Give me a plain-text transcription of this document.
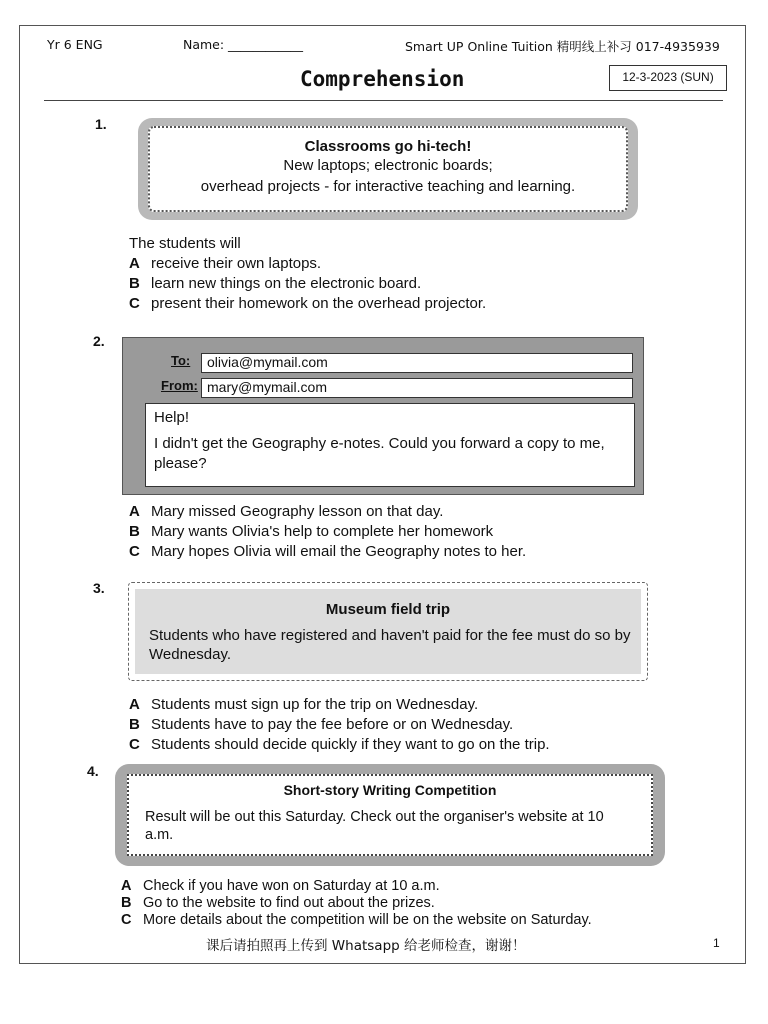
Yr 6 ENG	Name: ____________	Smart UP Online Tuition 精明线上补习 017-4935939
Comprehension	12-3-2023 (SUN)
1.
Classrooms go hi-tech!
New laptops; electronic boards;
overhead projects - for interactive teaching and learning.
The students will
A receive their own laptops.
B learn new things on the electronic board.
C present their homework on the overhead projector.
2.
To:	olivia@mymail.com
From: mary@mymail.com
Help!
I didn't get the Geography e-notes. Could you forward a copy to me, please?
A Mary missed Geography lesson on that day.
B Mary wants Olivia's help to complete her homework
C Mary hopes Olivia will email the Geography notes to her.
3.
Museum field trip
Students who have registered and haven't paid for the fee must do so by Wednesday.
A Students must sign up for the trip on Wednesday.
B Students have to pay the fee before or on Wednesday.
C Students should decide quickly if they want to go on the trip.
4.
Short-story Writing Competition
Result will be out this Saturday. Check out the organiser's website at 10 a.m.
A Check if you have won on Saturday at 10 a.m.
B Go to the website to find out about the prizes.
C More details about the competition will be on the website on Saturday.
课后请拍照再上传到 Whatsapp 给老师检查，谢谢！	1
